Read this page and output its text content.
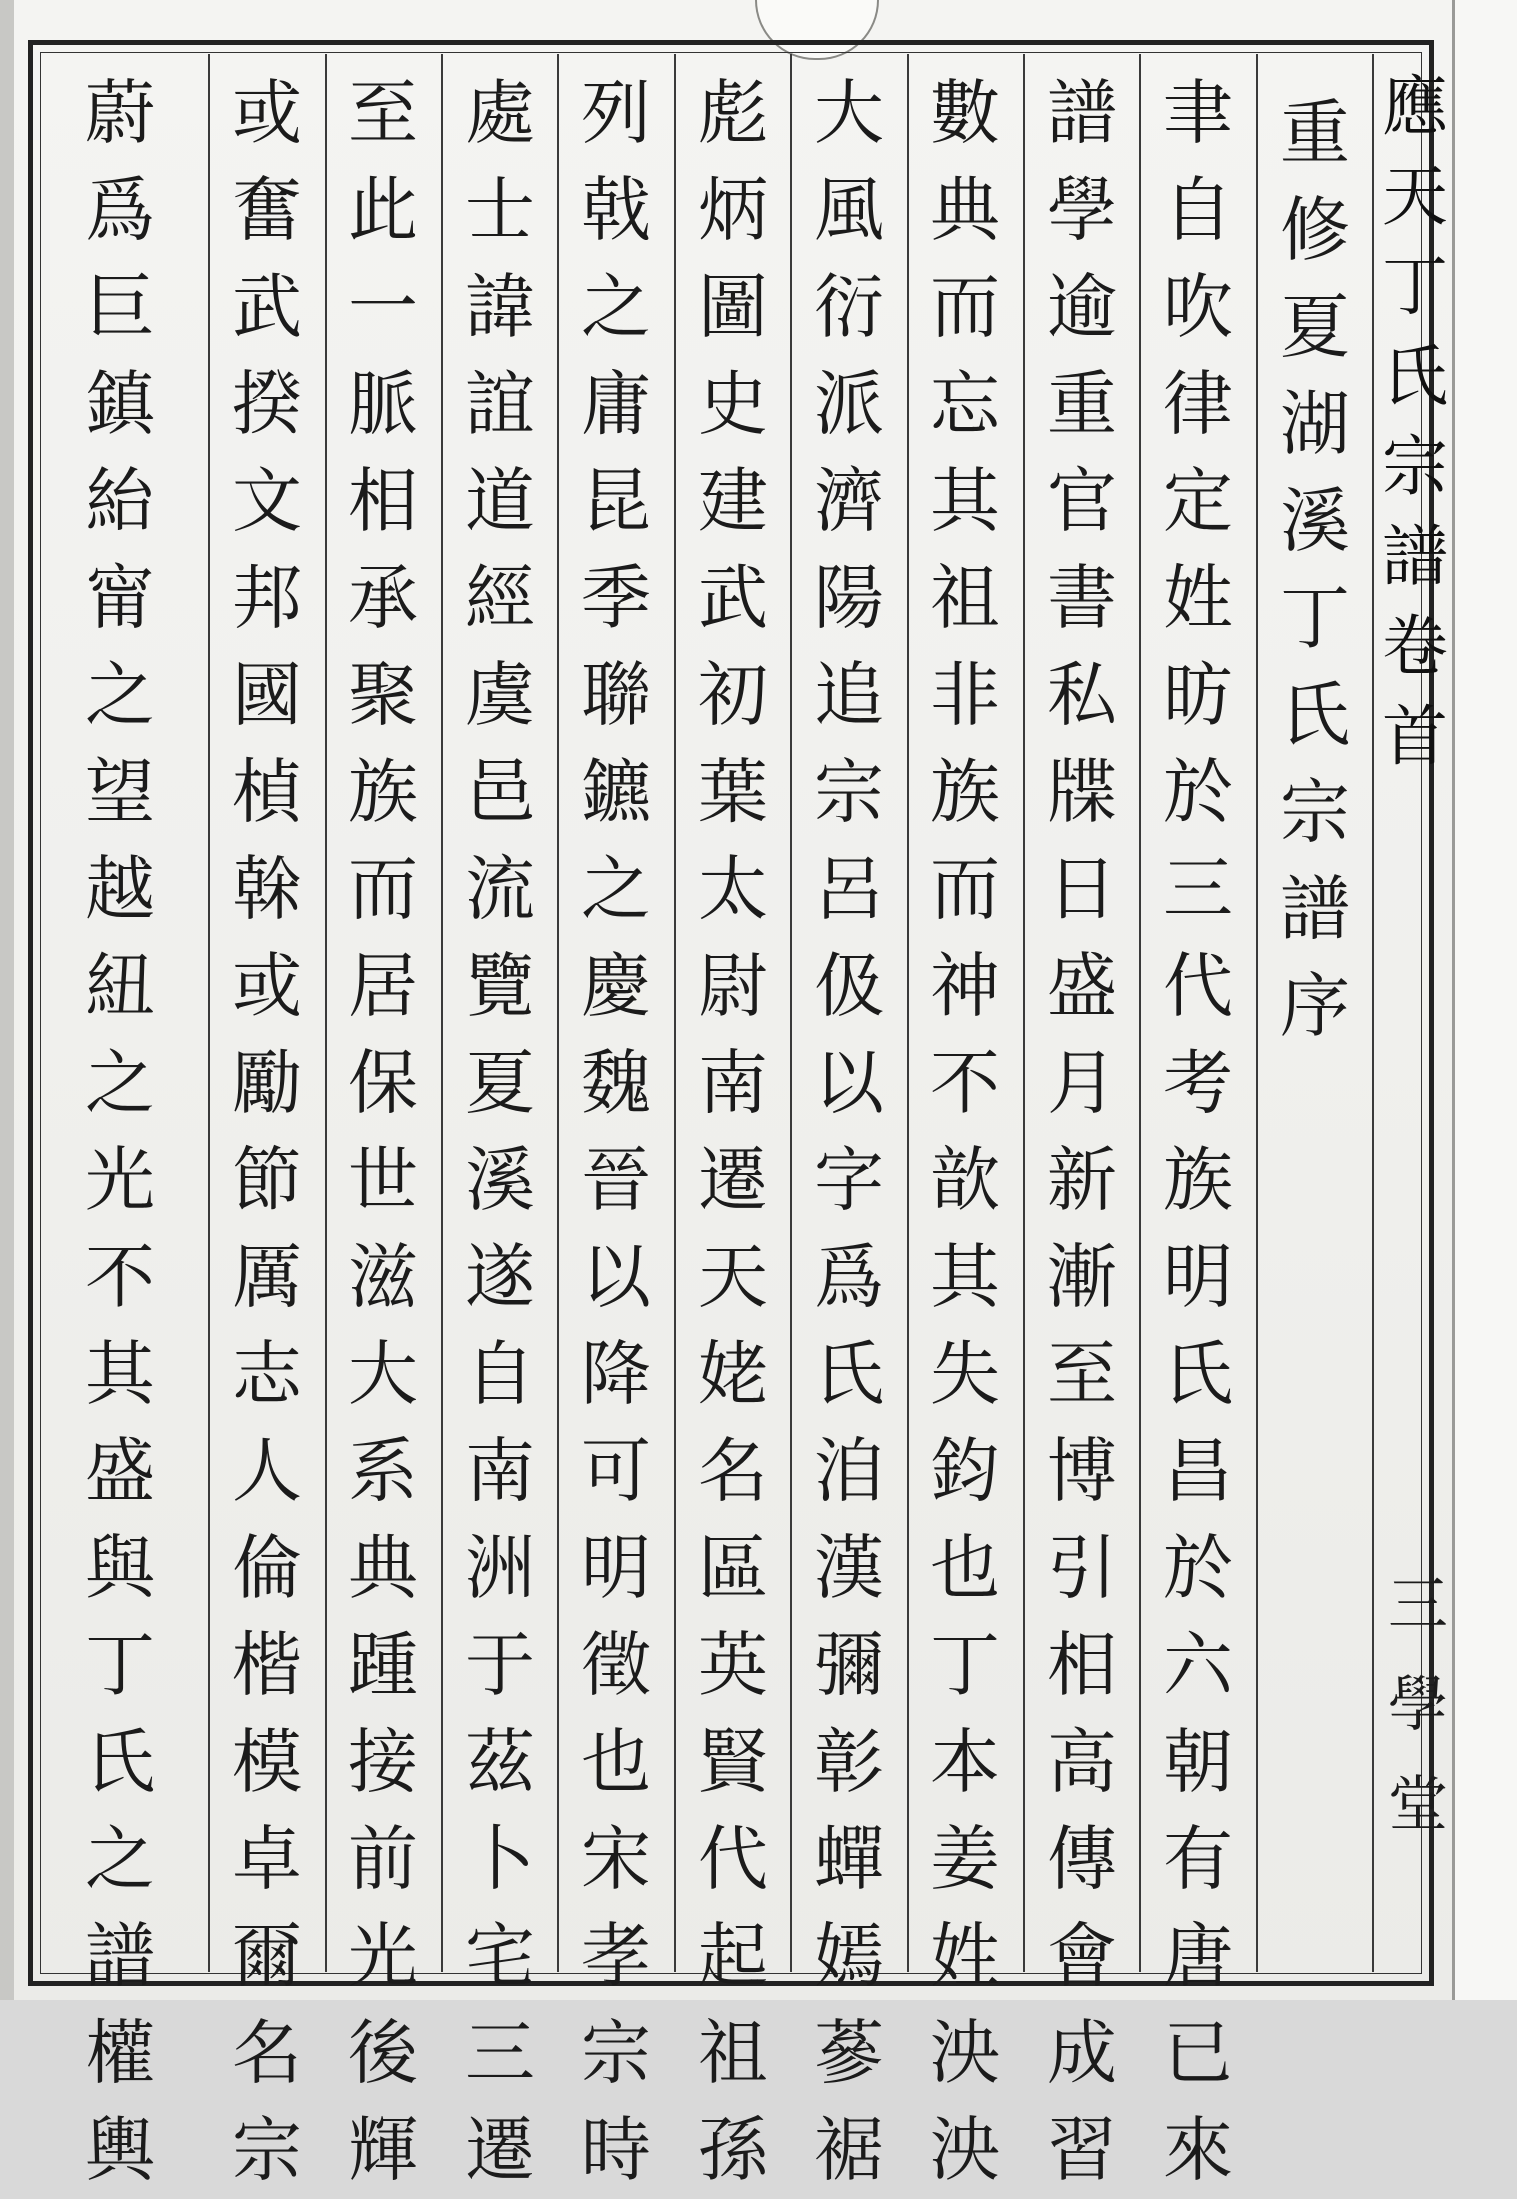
應
天
丁
氏
宗
譜
卷
首
三
學
堂
重
修
夏
湖
溪
丁
氏
宗
譜
序
聿
自
吹
律
定
姓
昉
於
三
代
考
族
明
氏
昌
於
六
朝
有
唐
已
來
譜
學
逾
重
官
書
私
牒
日
盛
月
新
漸
至
博
引
相
高
傳
會
成
習
數
典
而
忘
其
祖
非
族
而
神
不
歆
其
失
鈞
也
丁
本
姜
姓
泱
泱
大
風
衍
派
濟
陽
追
宗
呂
伋
以
字
爲
氏
洎
漢
彌
彰
蟬
嫣
蔘
裾
彪
炳
圖
史
建
武
初
葉
太
尉
南
遷
天
姥
名
區
英
賢
代
起
祖
孫
列
戟
之
庸
昆
季
聯
鑣
之
慶
魏
晉
以
降
可
明
徵
也
宋
孝
宗
時
處
士
諱
誼
道
經
虞
邑
流
覽
夏
溪
遂
自
南
洲
于
茲
卜
宅
三
遷
至
此
一
脈
相
承
聚
族
而
居
保
世
滋
大
系
典
踵
接
前
光
後
輝
或
奮
武
揆
文
邦
國
楨
榦
或
勵
節
厲
志
人
倫
楷
模
卓
爾
名
宗
蔚
爲
巨
鎮
紿
甯
之
望
越
紐
之
光
不
其
盛
與
丁
氏
之
譜
權
輿
